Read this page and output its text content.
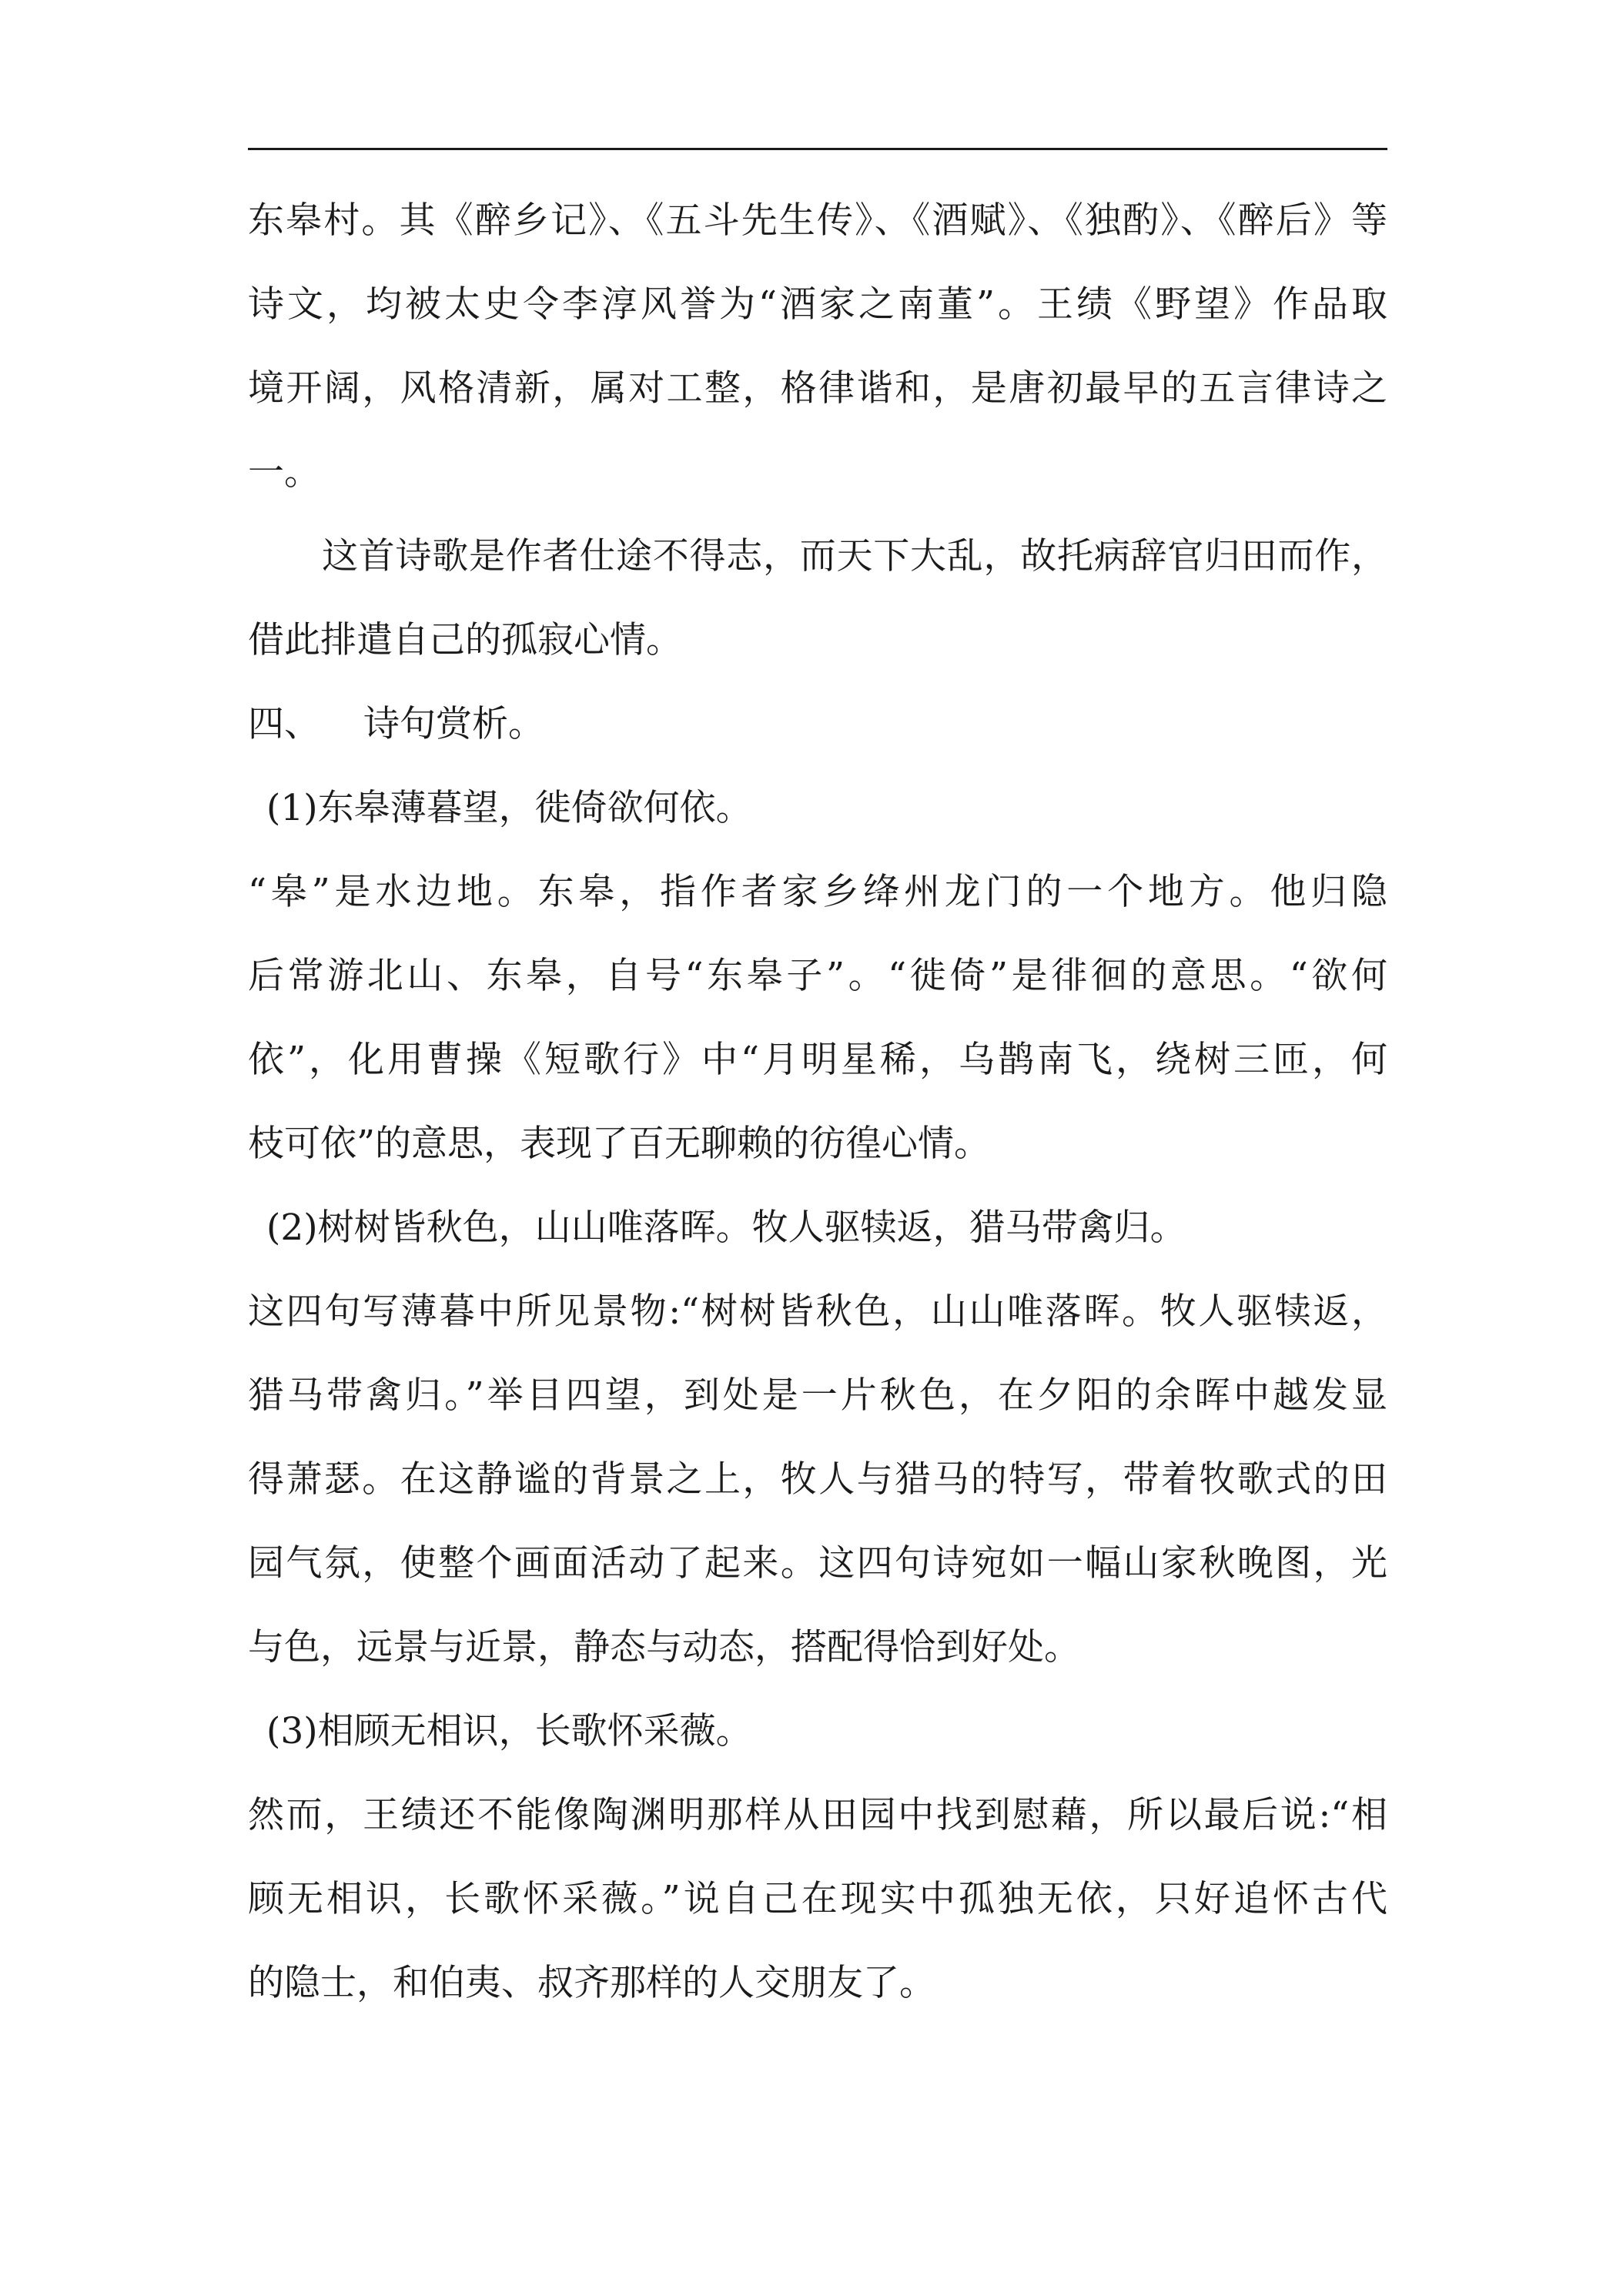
东皋村。其《醉乡记》、《五斗先生传》、《酒赋》、《独酌》、《醉后》等
诗文，均被太史令李淳风誉为“酒家之南董”。王绩《野望》作品取
境开阔，风格清新，属对工整，格律谐和，是唐初最早的五言律诗之
一。
这首诗歌是作者仕途不得志，而天下大乱，故托病辞官归田而作，
借此排遣自己的孤寂心情。
四、 诗句赏析。
(1)东皋薄暮望，徙倚欲何依。
“皋”是水边地。东皋，指作者家乡绛州龙门的一个地方。他归隐
后常游北山、东皋，自号“东皋子”。“徙倚”是徘徊的意思。“欲何
依”，化用曹操《短歌行》中“月明星稀，乌鹊南飞，绕树三匝，何
枝可依”的意思，表现了百无聊赖的彷徨心情。
(2)树树皆秋色，山山唯落晖。牧人驱犊返，猎马带禽归。
这四句写薄暮中所见景物:“树树皆秋色，山山唯落晖。牧人驱犊返，
猎马带禽归。”举目四望，到处是一片秋色，在夕阳的余晖中越发显
得萧瑟。在这静谧的背景之上，牧人与猎马的特写，带着牧歌式的田
园气氛，使整个画面活动了起来。这四句诗宛如一幅山家秋晚图，光
与色，远景与近景，静态与动态，搭配得恰到好处。
(3)相顾无相识，长歌怀采薇。
然而，王绩还不能像陶渊明那样从田园中找到慰藉，所以最后说:“相
顾无相识，长歌怀采薇。”说自己在现实中孤独无依，只好追怀古代
的隐士，和伯夷、叔齐那样的人交朋友了。
